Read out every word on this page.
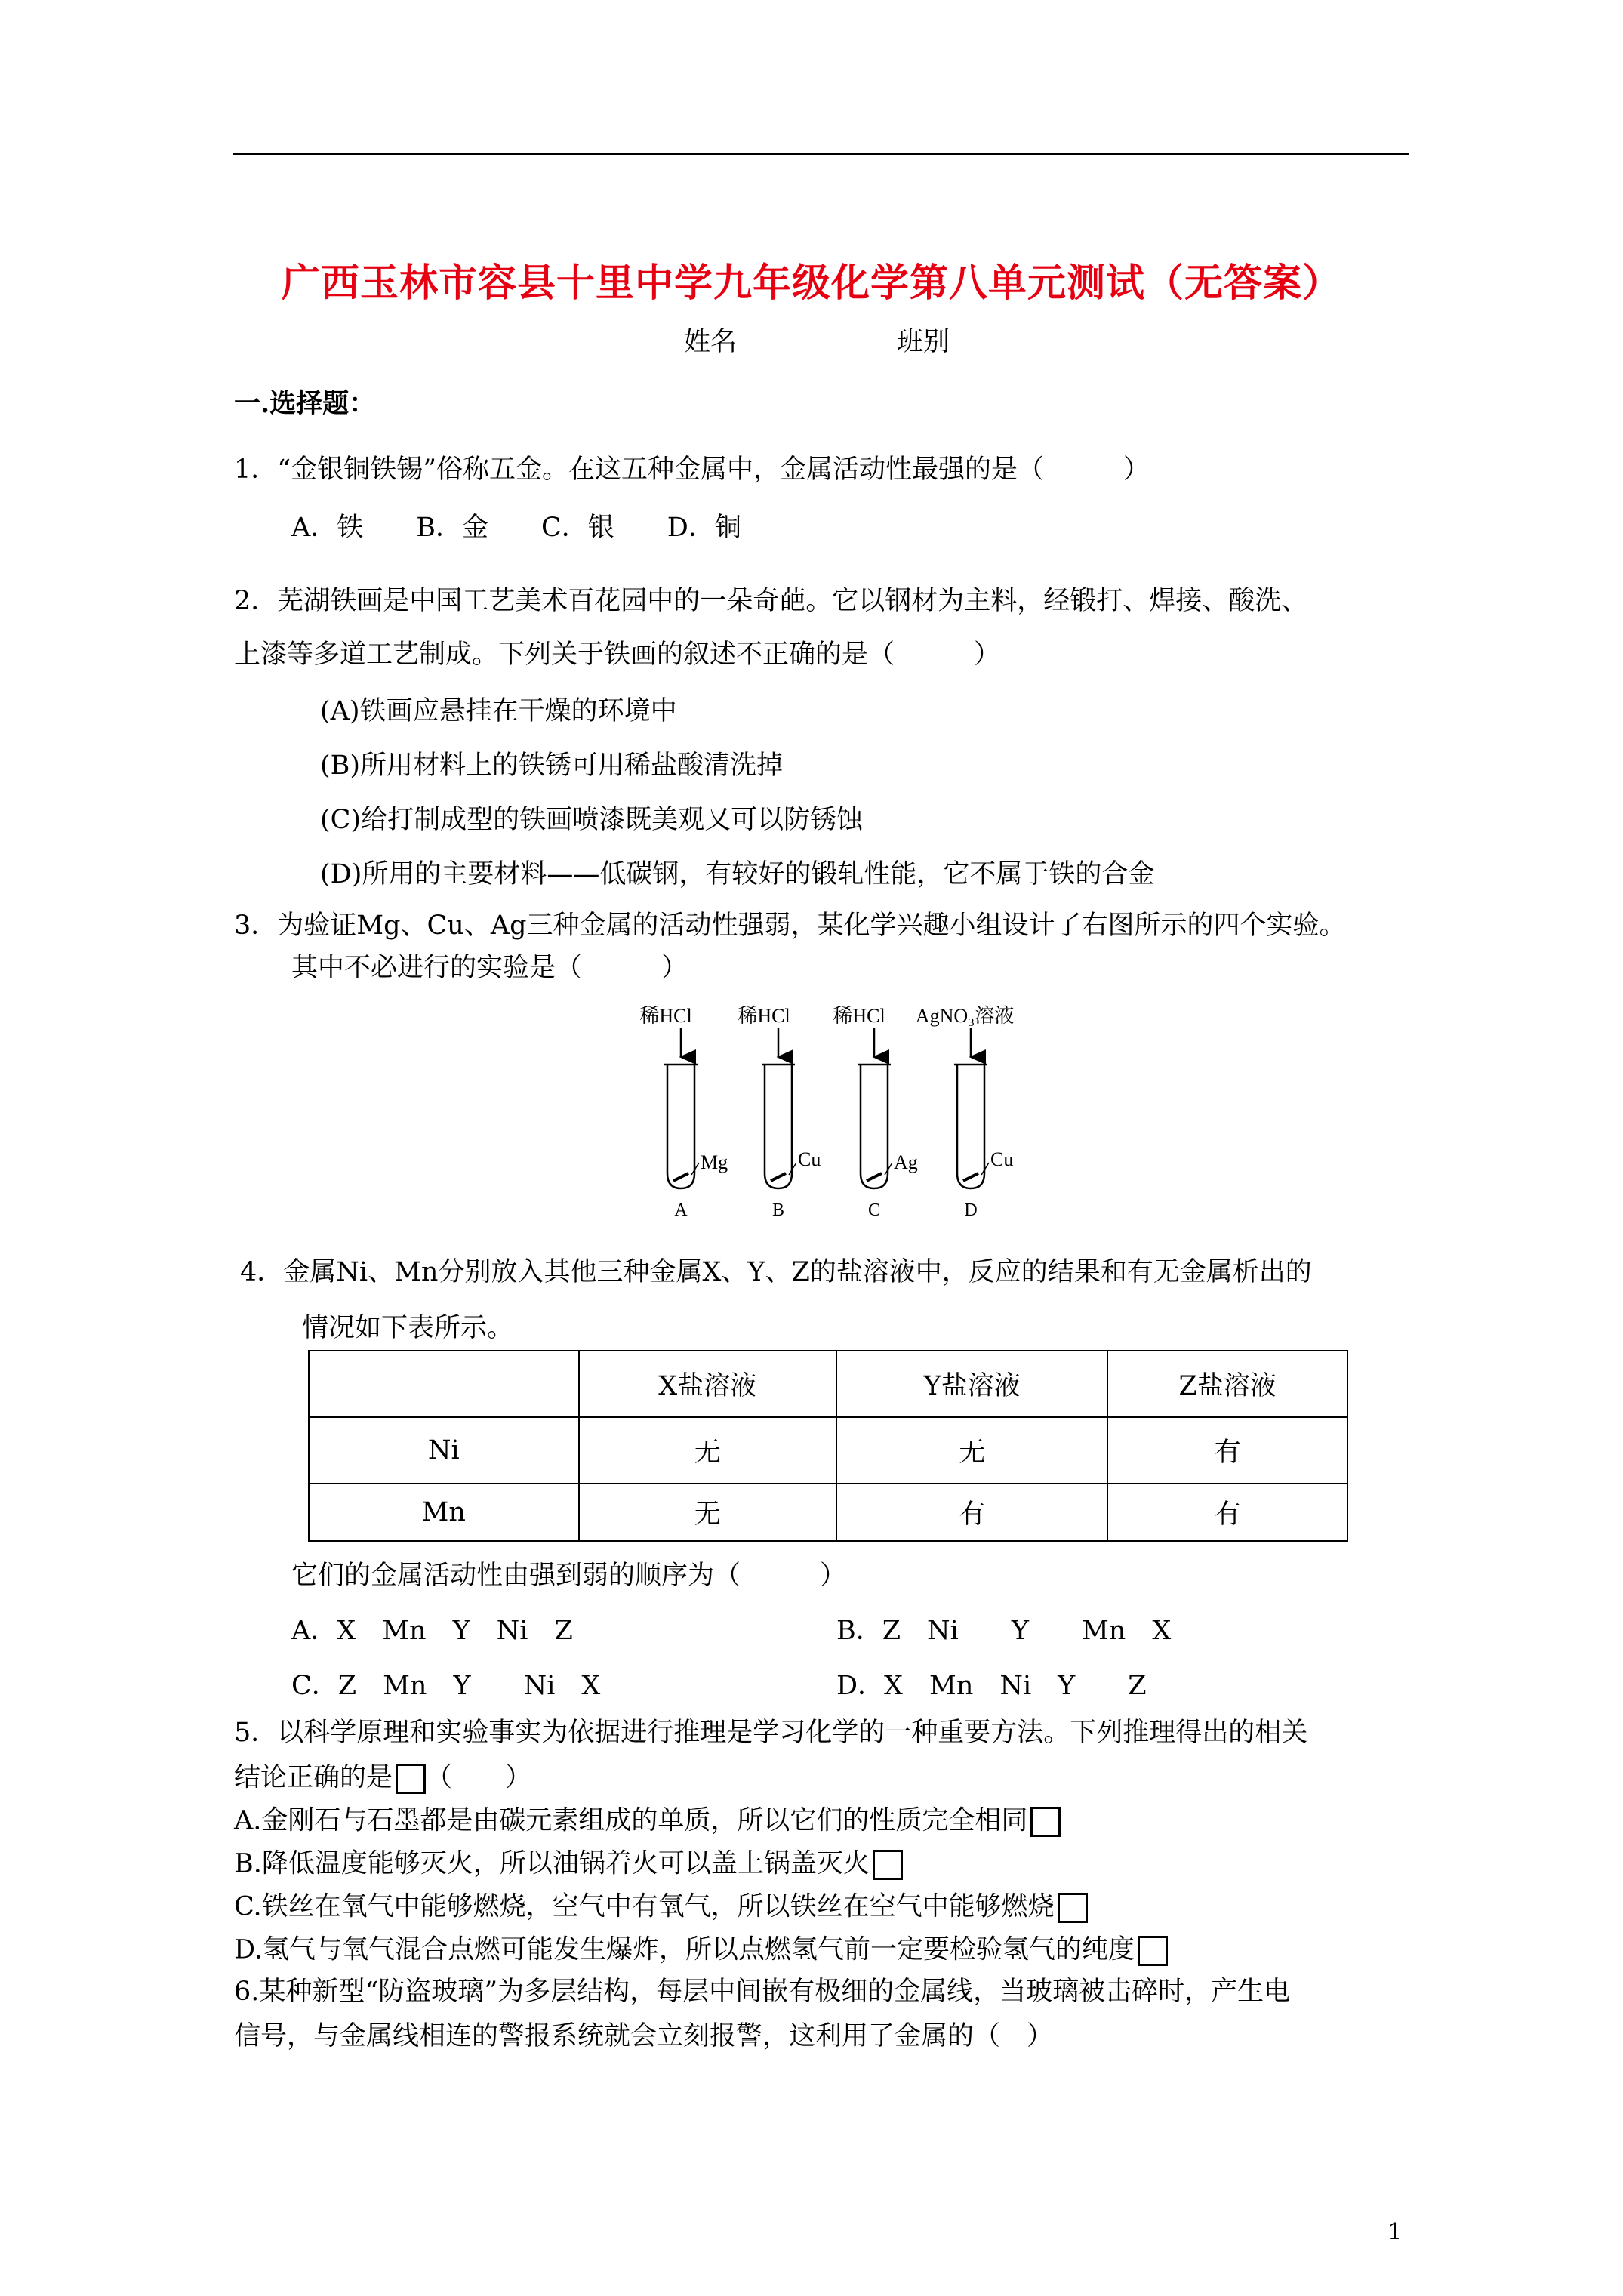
广西玉林市容县十里中学九年级化学第八单元测试（无答案）
姓名	班别
一.选择题：
1．“金银铜铁锡”俗称五金。在这五种金属中，金属活动性最强的是（　　　）
A．铁　　B．金　　C．银　　D．铜
2．芜湖铁画是中国工艺美术百花园中的一朵奇葩。它以钢材为主料，经锻打、焊接、酸洗、
上漆等多道工艺制成。下列关于铁画的叙述不正确的是（　　　）
(A)铁画应悬挂在干燥的环境中
(B)所用材料上的铁锈可用稀盐酸清洗掉
(C)给打制成型的铁画喷漆既美观又可以防锈蚀
(D)所用的主要材料——低碳钢，有较好的锻轧性能，它不属于铁的合金
3．为验证Mg、Cu、Ag三种金属的活动性强弱，某化学兴趣小组设计了右图所示的四个实验。
其中不必进行的实验是（　　　）
稀HCl 稀HCl 稀HCl AgNO₃溶液
Mg	Cu	Ag	Cu
A	B	C	D
4．金属Ni、Mn分别放入其他三种金属X、Y、Z的盐溶液中，反应的结果和有无金属析出的
情况如下表所示。
	X盐溶液	Y盐溶液	Z盐溶液
Ni	无	无	有
Mn	无	有	有
它们的金属活动性由强到弱的顺序为（　　　）
A．X　Mn　Y　Ni　Z	B．Z　Ni　　Y　　Mn　X
C．Z　Mn　Y　　Ni　X	D．X　Mn　Ni　Y　　Z
5．以科学原理和实验事实为依据进行推理是学习化学的一种重要方法。下列推理得出的相关
结论正确的是 （　　）
A.金刚石与石墨都是由碳元素组成的单质，所以它们的性质完全相同
B.降低温度能够灭火，所以油锅着火可以盖上锅盖灭火
C.铁丝在氧气中能够燃烧，空气中有氧气，所以铁丝在空气中能够燃烧
D.氢气与氧气混合点燃可能发生爆炸，所以点燃氢气前一定要检验氢气的纯度
6.某种新型“防盗玻璃”为多层结构，每层中间嵌有极细的金属线，当玻璃被击碎时，产生电
信号，与金属线相连的警报系统就会立刻报警，这利用了金属的（　）
1
